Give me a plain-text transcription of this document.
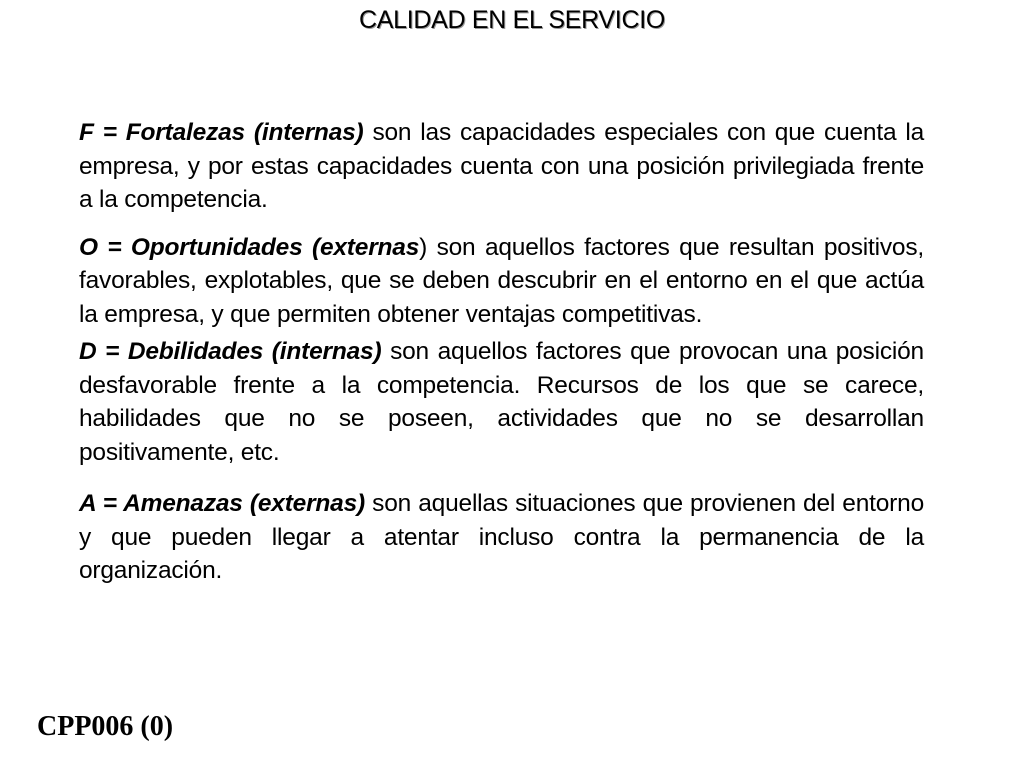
CALIDAD EN EL SERVICIO

F = Fortalezas (internas) son las capacidades especiales con que cuenta la empresa, y por estas capacidades cuenta con una posición privilegiada frente a la competencia.

O = Oportunidades (externas) son aquellos factores que resultan positivos, favorables, explotables, que se deben descubrir en el entorno en el que actúa la empresa, y que permiten obtener ventajas competitivas.

D = Debilidades (internas) son aquellos factores que provocan una posición desfavorable frente a la competencia. Recursos de los que se carece, habilidades que no se poseen, actividades que no se desarrollan positivamente, etc.

A = Amenazas (externas) son aquellas situaciones que provienen del entorno y que pueden llegar a atentar incluso contra la permanencia de la organización.

CPP006 (0)
